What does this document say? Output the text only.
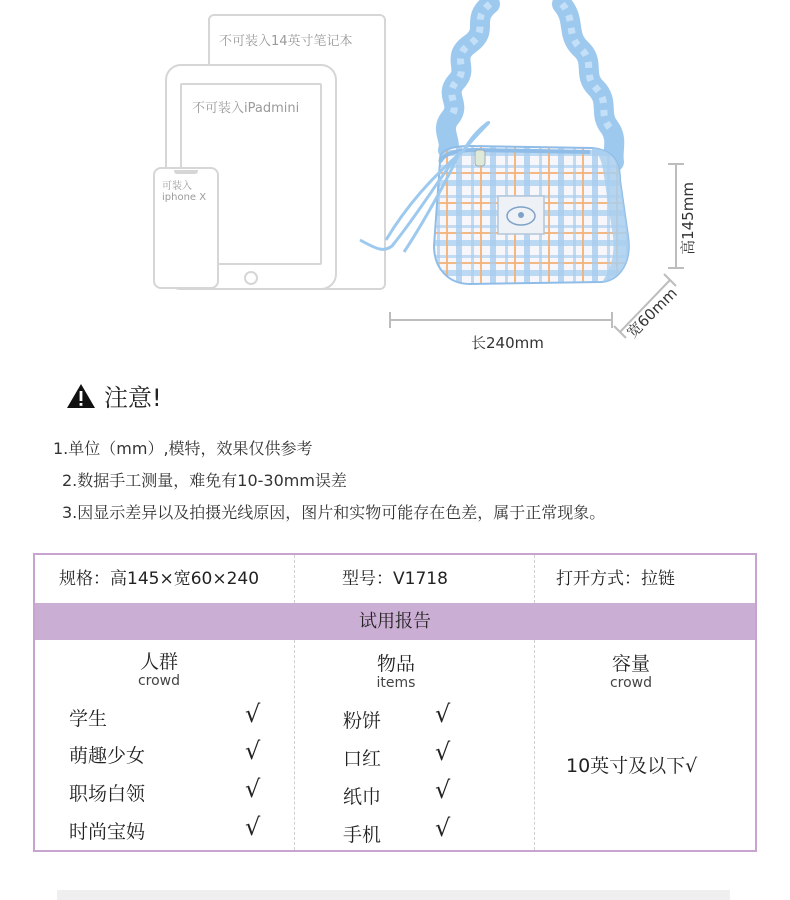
不可装入14英寸笔记本
不可装入iPadmini
可装入 iphone X
长240mm
高145mm
宽60mm
注意!
1.单位（mm）,模特，效果仅供参考
2.数据手工测量，难免有10-30mm误差
3.因显示差异以及拍摄光线原因，图片和实物可能存在色差，属于正常现象。
规格：高145×宽60×240	型号：V1718	打开方式：拉链
试用报告
人群
crowd
学生
萌趣少女
职场白领
时尚宝妈
√
√
√
√
物品
items
粉饼
口红
纸巾
手机
√
√
√
√
容量
crowd
10英寸及以下√
